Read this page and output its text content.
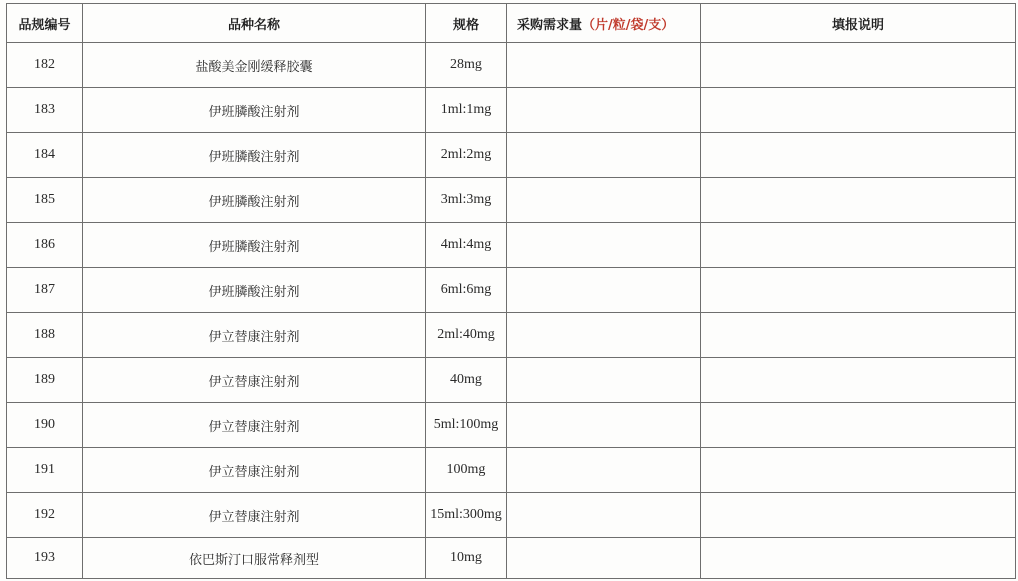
品规编号	品种名称	规格	采购需求量（片/粒/袋/支）	填报说明
182	盐酸美金刚缓释胶囊	28mg		
183	伊班膦酸注射剂	1ml:1mg		
184	伊班膦酸注射剂	2ml:2mg		
185	伊班膦酸注射剂	3ml:3mg		
186	伊班膦酸注射剂	4ml:4mg		
187	伊班膦酸注射剂	6ml:6mg		
188	伊立替康注射剂	2ml:40mg		
189	伊立替康注射剂	40mg		
190	伊立替康注射剂	5ml:100mg		
191	伊立替康注射剂	100mg		
192	伊立替康注射剂	15ml:300mg		
193	依巴斯汀口服常释剂型	10mg		
